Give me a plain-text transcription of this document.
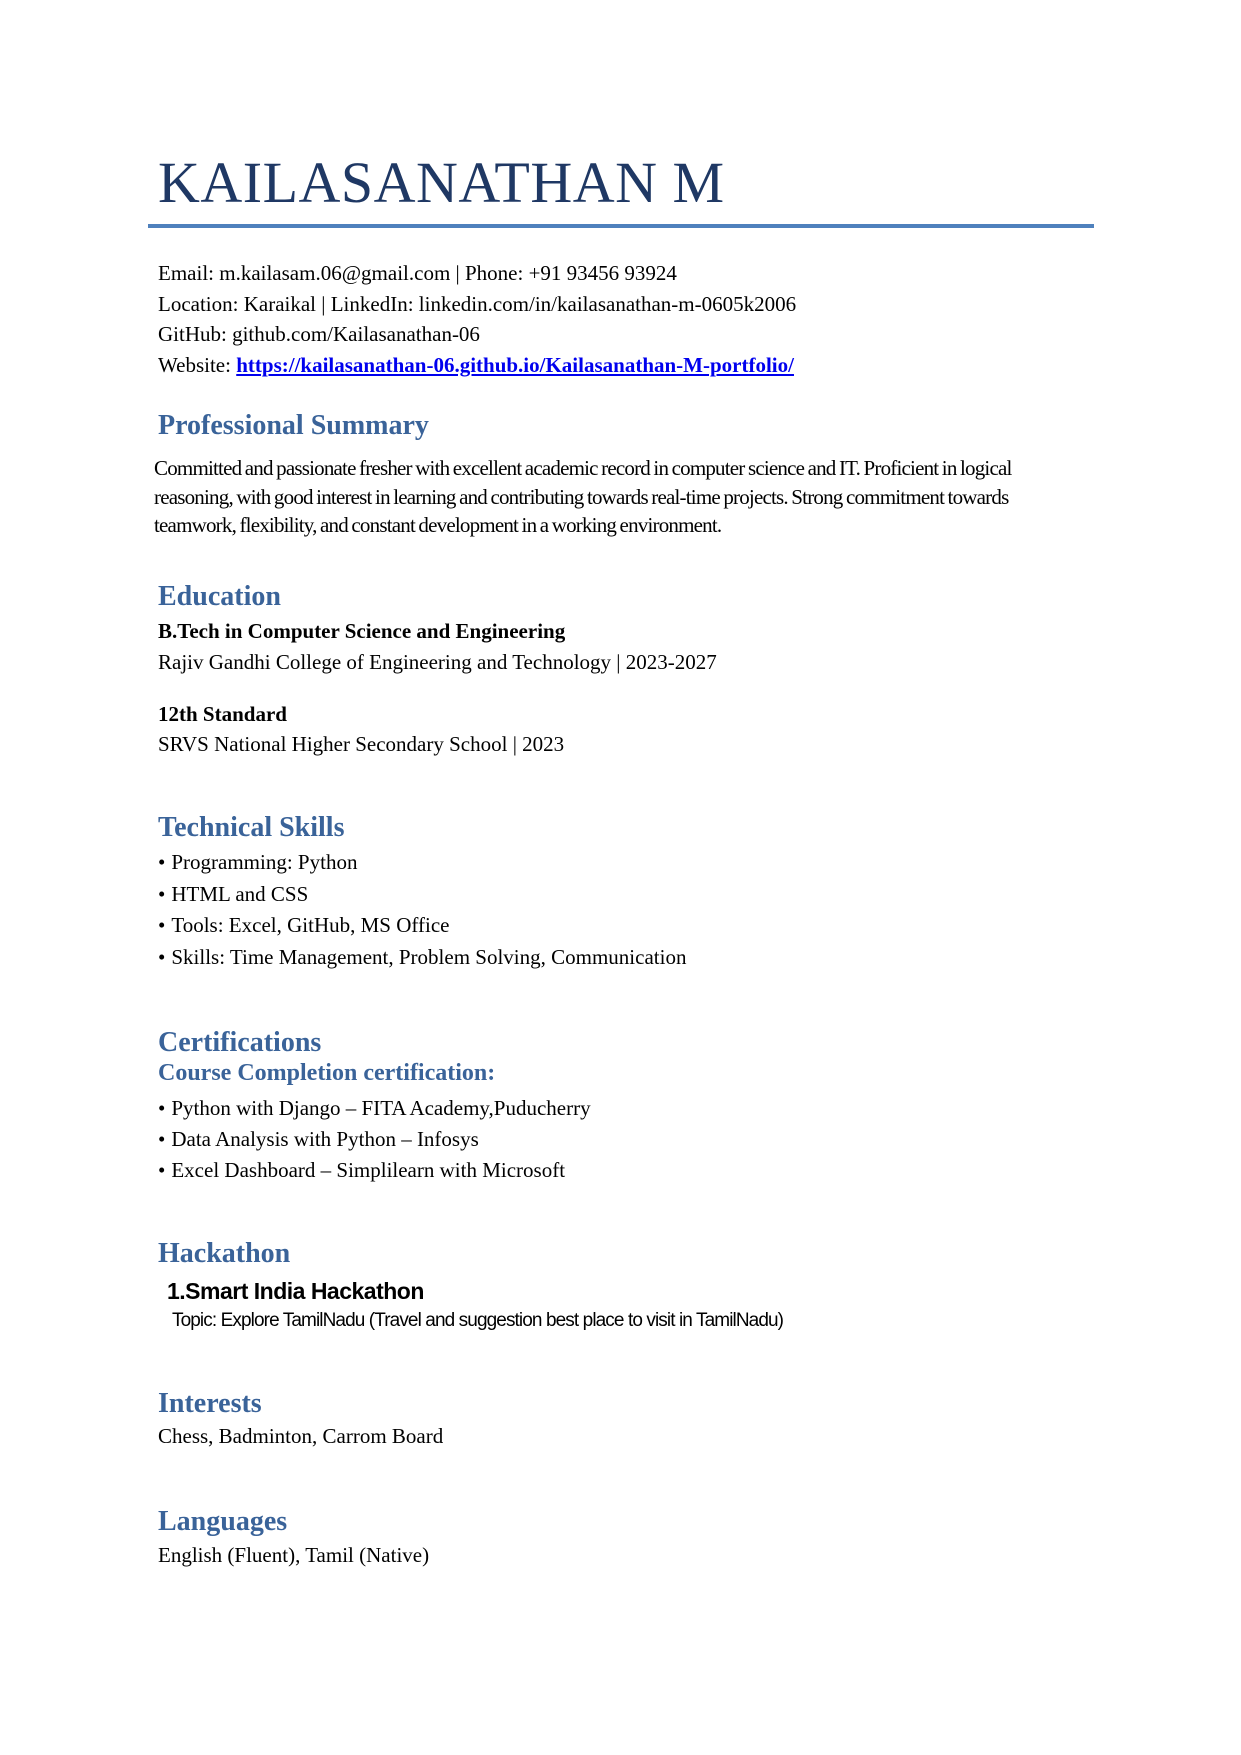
KAILASANATHAN M
Email: m.kailasam.06@gmail.com | Phone: +91 93456 93924
Location: Karaikal | LinkedIn: linkedin.com/in/kailasanathan-m-0605k2006
GitHub: github.com/Kailasanathan-06
Website: https://kailasanathan-06.github.io/Kailasanathan-M-portfolio/
Professional Summary
Committed and passionate fresher with excellent academic record in computer science and IT. Proficient in logical reasoning, with good interest in learning and contributing towards real-time projects. Strong commitment towards teamwork, flexibility, and constant development in a working environment.
Education
B.Tech in Computer Science and Engineering
Rajiv Gandhi College of Engineering and Technology | 2023-2027
12th Standard
SRVS National Higher Secondary School | 2023
Technical Skills
• Programming: Python
• HTML and CSS
• Tools: Excel, GitHub, MS Office
• Skills: Time Management, Problem Solving, Communication
Certifications
Course Completion certification:
• Python with Django – FITA Academy,Puducherry
• Data Analysis with Python – Infosys
• Excel Dashboard – Simplilearn with Microsoft
Hackathon
1.Smart India Hackathon
Topic: Explore TamilNadu (Travel and suggestion best place to visit in TamilNadu)
Interests
Chess, Badminton, Carrom Board
Languages
English (Fluent), Tamil (Native)
